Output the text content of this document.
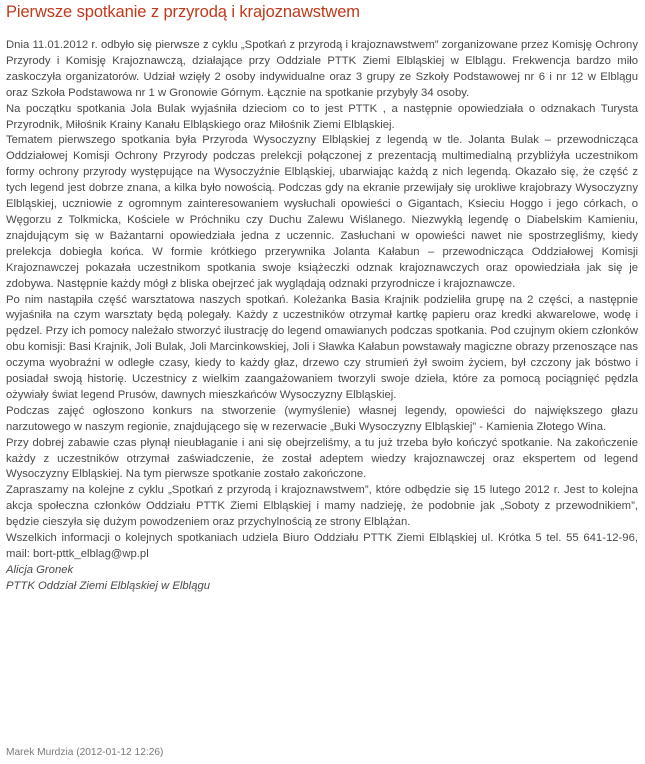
Pierwsze spotkanie z przyrodą i krajoznawstwem

Dnia 11.01.2012 r. odbyło się pierwsze z cyklu „Spotkań z przyrodą i krajoznawstwem” zorganizowane przez Komisję Ochrony Przyrody i Komisję Krajoznawczą, działające przy Oddziale PTTK Ziemi Elbląskiej w Elblągu. Frekwencja bardzo miło zaskoczyła organizatorów. Udział wzięły 2 osoby indywidualne oraz 3 grupy ze Szkoły Podstawowej nr 6 i nr 12 w Elblągu oraz Szkoła Podstawowa nr 1 w Gronowie Górnym. Łącznie na spotkanie przybyły 34 osoby.

Na początku spotkania Jola Bulak wyjaśniła dzieciom co to jest PTTK , a następnie opowiedziała o odznakach Turysta Przyrodnik, Miłośnik Krainy Kanału Elbląskiego oraz Miłośnik Ziemi Elbląskiej.

Tematem pierwszego spotkania była Przyroda Wysoczyzny Elbląskiej z legendą w tle. Jolanta Bulak – przewodnicząca Oddziałowej Komisji Ochrony Przyrody podczas prelekcji połączonej z prezentacją multimedialną przybliżyła uczestnikom formy ochrony przyrody występujące na Wysoczyźnie Elbląskiej, ubarwiając każdą z nich legendą. Okazało się, że część z tych legend jest dobrze znana, a kilka było nowością. Podczas gdy na ekranie przewijały się urokliwe krajobrazy Wysoczyzny Elbląskiej, uczniowie z ogromnym zainteresowaniem wysłuchali opowieści o Gigantach, Ksieciu Hoggo i jego córkach, o Węgorzu z Tolkmicka, Kościele w Próchniku czy Duchu Zalewu Wiślanego. Niezwykłą legendę o Diabelskim Kamieniu, znajdującym się w Bażantarni opowiedziała jedna z uczennic. Zasłuchani w opowieści nawet nie spostrzegliśmy, kiedy prelekcja dobiegła końca. W formie krótkiego przerywnika Jolanta Kałabun – przewodnicząca Oddziałowej Komisji Krajoznawczej pokazała uczestnikom spotkania swoje książeczki odznak krajoznawczych oraz opowiedziała jak się je zdobywa. Następnie każdy mógł z bliska obejrzeć jak wyglądają odznaki przyrodnicze i krajoznawcze.

Po nim nastąpiła część warsztatowa naszych spotkań. Koleżanka Basia Krajnik podzieliła grupę na 2 części, a następnie wyjaśniła na czym warsztaty będą polegały. Każdy z uczestników otrzymał kartkę papieru oraz kredki akwarelowe, wodę i pędzel. Przy ich pomocy należało stworzyć ilustrację do legend omawianych podczas spotkania. Pod czujnym okiem członków obu komisji: Basi Krajnik, Joli Bulak, Joli Marcinkowskiej, Joli i Sławka Kałabun powstawały magiczne obrazy przenoszące nas oczyma wyobraźni w odległe czasy, kiedy to każdy głaz, drzewo czy strumień żył swoim życiem, był czczony jak bóstwo i posiadał swoją historię. Uczestnicy z wielkim zaangażowaniem tworzyli swoje dzieła, które za pomocą pociągnięć pędzla ożywiały świat legend Prusów, dawnych mieszkańców Wysoczyzny Elbląskiej.

Podczas zajęć ogłoszono konkurs na stworzenie (wymyślenie) własnej legendy, opowieści do największego głazu narzutowego w naszym regionie, znajdującego się w rezerwacie „Buki Wysoczyzny Elbląskiej” - Kamienia Złotego Wina.

Przy dobrej zabawie czas płynął nieubłaganie i ani się obejrzeliśmy, a tu już trzeba było kończyć spotkanie. Na zakończenie każdy z uczestników otrzymał zaświadczenie, że został adeptem wiedzy krajoznawczej oraz ekspertem od legend Wysoczyzny Elbląskiej. Na tym pierwsze spotkanie zostało zakończone.

Zapraszamy na kolejne z cyklu „Spotkań z przyrodą i krajoznawstwem”, które odbędzie się 15 lutego 2012 r. Jest to kolejna akcja społeczna członków Oddziału PTTK Ziemi Elbląskiej i mamy nadzieję, że podobnie jak „Soboty z przewodnikiem”, będzie cieszyła się dużym powodzeniem oraz przychylnością ze strony Elblążan.

Wszelkich informacji o kolejnych spotkaniach udziela Biuro Oddziału PTTK Ziemi Elbląskiej ul. Krótka 5 tel. 55 641-12-96, mail: bort-pttk_elblag@wp.pl

Alicja Gronek

PTTK Oddział Ziemi Elbląskiej w Elblągu

Marek Murdzia (2012-01-12 12:26)
